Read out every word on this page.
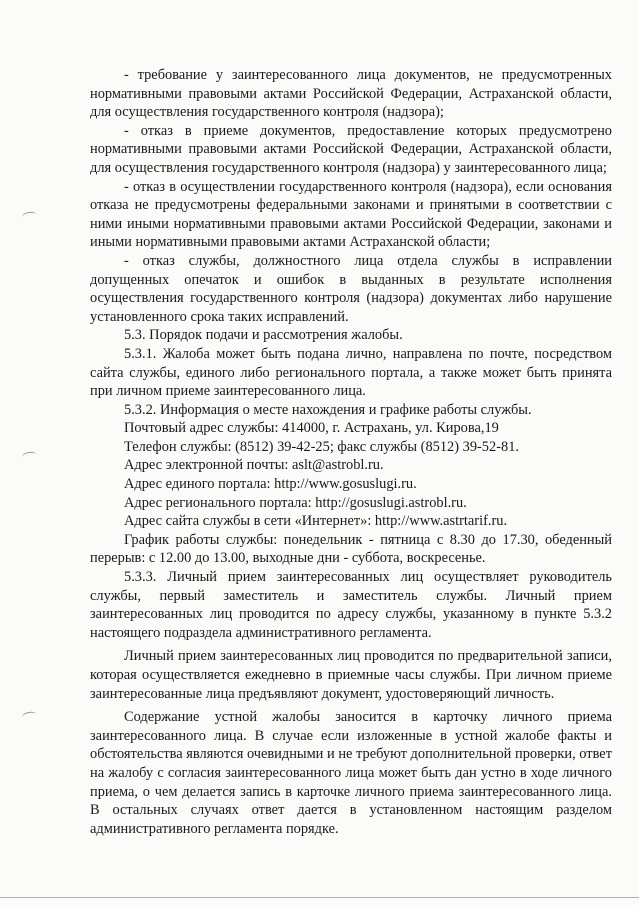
- требование у заинтересованного лица документов, не предусмотренных нормативными правовыми актами Российской Федерации, Астраханской области, для осуществления государственного контроля (надзора);

- отказ в приеме документов, предоставление которых предусмотрено нормативными правовыми актами Российской Федерации, Астраханской области, для осуществления государственного контроля (надзора) у заинтересованного лица;

- отказ в осуществлении государственного контроля (надзора), если основания отказа не предусмотрены федеральными законами и принятыми в соответствии с ними иными нормативными правовыми актами Российской Федерации, законами и иными нормативными правовыми актами Астраханской области;

- отказ службы, должностного лица отдела службы в исправлении допущенных опечаток и ошибок в выданных в результате исполнения осуществления государственного контроля (надзора) документах либо нарушение установленного срока таких исправлений.

5.3. Порядок подачи и рассмотрения жалобы.

5.3.1. Жалоба может быть подана лично, направлена по почте, посредством сайта службы, единого либо регионального портала, а также может быть принята при личном приеме заинтересованного лица.

5.3.2. Информация о месте нахождения и графике работы службы.

Почтовый адрес службы: 414000, г. Астрахань, ул. Кирова,19

Телефон службы: (8512) 39-42-25; факс службы (8512) 39-52-81.

Адрес электронной почты: aslt@astrobl.ru.

Адрес единого портала: http://www.gosuslugi.ru.

Адрес регионального портала: http://gosuslugi.astrobl.ru.

Адрес сайта службы в сети «Интернет»: http://www.astrtarif.ru.

График работы службы: понедельник - пятница с 8.30 до 17.30, обеденный перерыв: с 12.00 до 13.00, выходные дни - суббота, воскресенье.

5.3.3. Личный прием заинтересованных лиц осуществляет руководитель службы, первый заместитель и заместитель службы. Личный прием заинтересованных лиц проводится по адресу службы, указанному в пункте 5.3.2 настоящего подраздела административного регламента.

Личный прием заинтересованных лиц проводится по предварительной записи, которая осуществляется ежедневно в приемные часы службы. При личном приеме заинтересованные лица предъявляют документ, удостоверяющий личность.

Содержание устной жалобы заносится в карточку личного приема заинтересованного лица. В случае если изложенные в устной жалобе факты и обстоятельства являются очевидными и не требуют дополнительной проверки, ответ на жалобу с согласия заинтересованного лица может быть дан устно в ходе личного приема, о чем делается запись в карточке личного приема заинтересованного лица. В остальных случаях ответ дается в установленном настоящим разделом административного регламента порядке.
